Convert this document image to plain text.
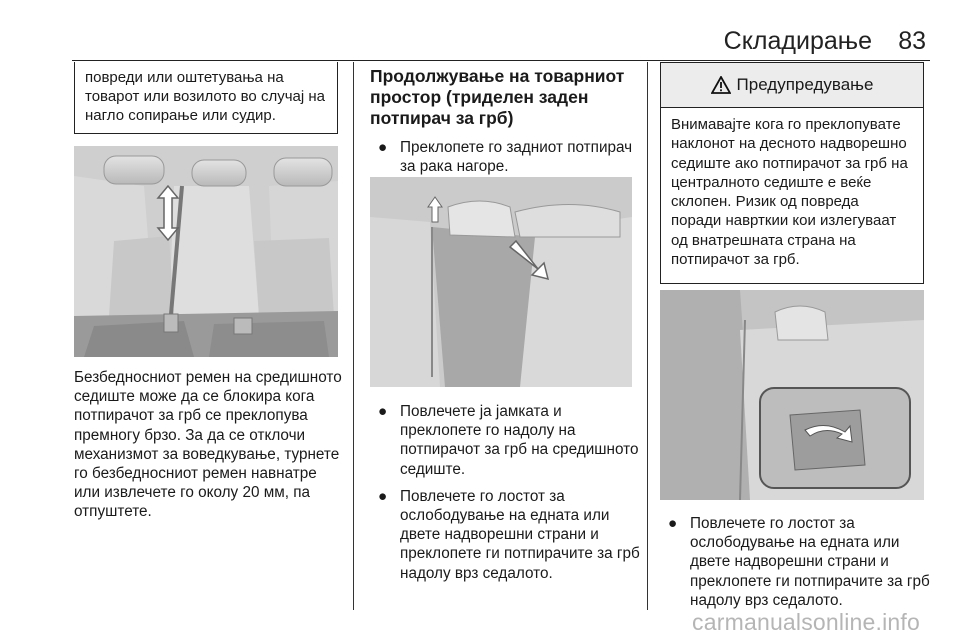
Складирање 83
повреди или оштетувања на товарот или возилото во случај на нагло сопирање или судир.

Безбедносниот ремен на средишното седиште може да се блокира кога потпирачот за грб се преклопува премногу брзо. За да се отклочи механизмот за воведкување, турнете го безбедносниот ремен навнатре или извлечете го околу 20 мм, па отпуштете.

Продолжување на товарниот простор (триделен заден потпирач за грб)
● Преклопете го задниот потпирач за рака нагоре.
● Повлечете ја јамката и преклопете го надолу на потпирачот за грб на средишното седиште.
● Повлечете го лостот за ослободување на едната или двете надворешни страни и преклопете ги потпирачите за грб надолу врз седалото.
Предупредување
Внимавајте кога го преклопувате наклонот на десното надворешно седиште ако потпирачот за грб на централното седиште е веќе склопен. Ризик од повреда поради наврткии кои излегуваат од внатрешната страна на потпирачот за грб.
● Повлечете го лостот за ослободување на едната или двете надворешни страни и преклопете ги потпирачите за грб надолу врз седалото.
carmanualsonline.info
